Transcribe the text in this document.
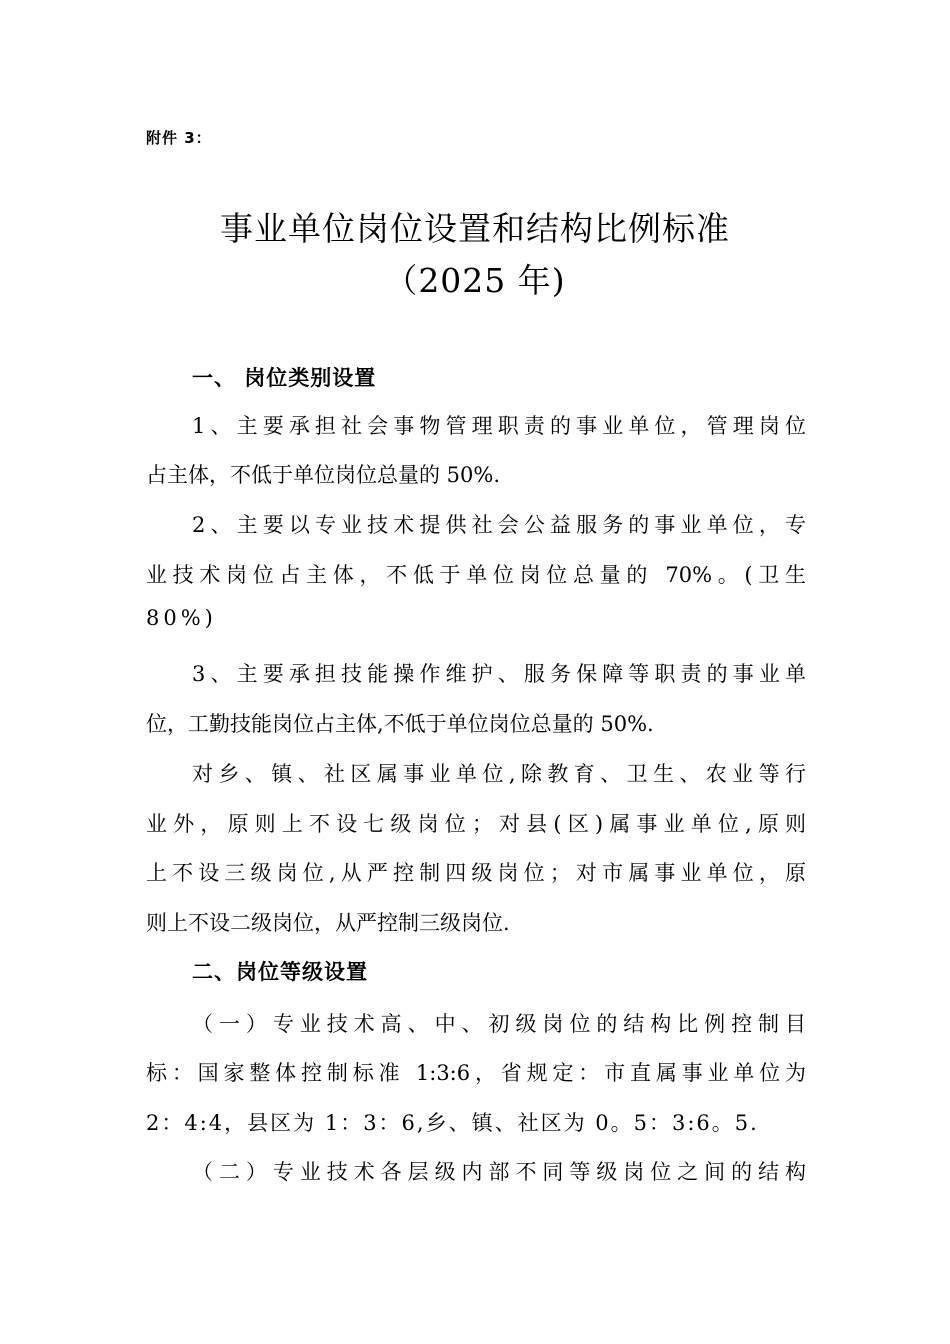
附件 3：
事业单位岗位设置和结构比例标准
（2025 年)
一、 岗位类别设置
1、主要承担社会事物管理职责的事业单位，管理岗位
占主体，不低于单位岗位总量的 50%.
2、主要以专业技术提供社会公益服务的事业单位，专
业技术岗位占主体，不低于单位岗位总量的 70%。(卫生
80%)
3、主要承担技能操作维护、服务保障等职责的事业单
位，工勤技能岗位占主体,不低于单位岗位总量的 50%.
对乡、镇、社区属事业单位,除教育、卫生、农业等行
业外，原则上不设七级岗位；对县(区)属事业单位,原则
上不设三级岗位,从严控制四级岗位；对市属事业单位，原
则上不设二级岗位，从严控制三级岗位.
二、岗位等级设置
（一）专业技术高、中、初级岗位的结构比例控制目
标：国家整体控制标准 1:3:6，省规定：市直属事业单位为
2：4:4，县区为 1：3：6,乡、镇、社区为 0。5：3:6。5.
（二）专业技术各层级内部不同等级岗位之间的结构
